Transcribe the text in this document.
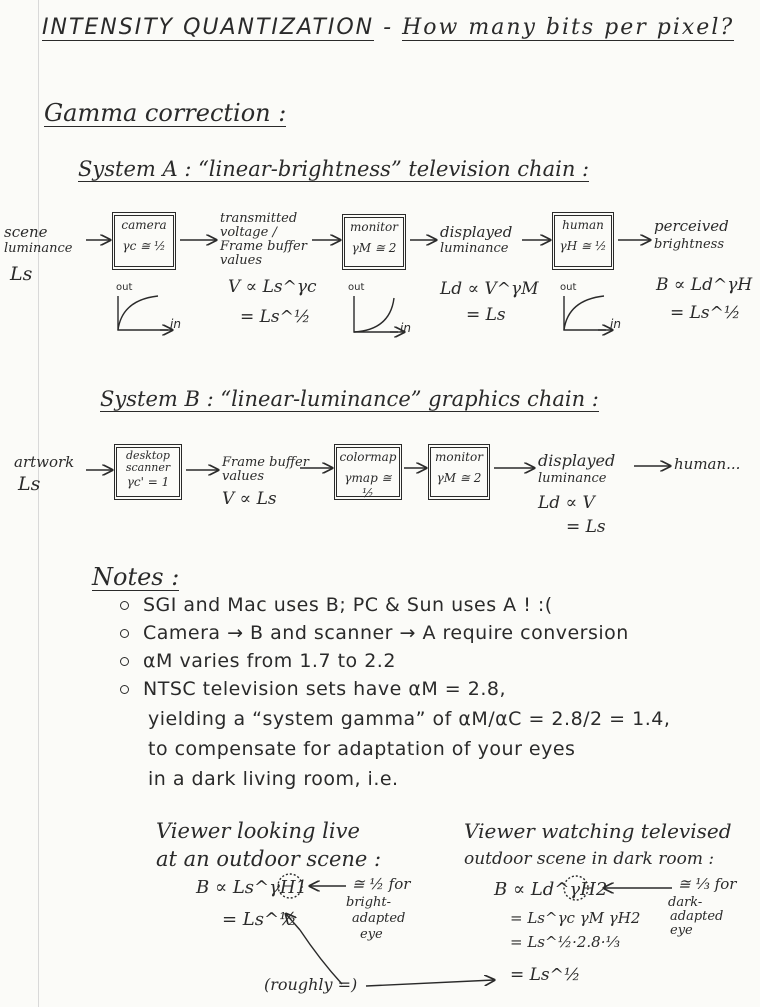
INTENSITY QUANTIZATION - How many bits per pixel?
Gamma correction :
System A : “linear-brightness” television chain :
scene
luminance
Ls
camera
γc ≅ ½
transmitted
voltage /
Frame buffer
values
V ∝ Ls^γc
= Ls^½
monitor
γM ≅ 2
displayed
luminance
Ld ∝ V^γM
= Ls
human
γH ≅ ½
perceived
brightness
B ∝ Ld^γH
= Ls^½
out
in
out
in
out
in
System B : “linear-luminance” graphics chain :
artwork
Ls
desktop scanner
γc' = 1
Frame buffer
values
V ∝ Ls
colormap
γmap ≅ ½
monitor
γM ≅ 2
displayed
luminance
Ld ∝ V
= Ls
human...
Notes :
SGI and Mac uses B; PC & Sun uses A ! :(
Camera → B and scanner → A require conversion
αM varies from 1.7 to 2.2
NTSC television sets have αM = 2.8,
yielding a “system gamma” of αM/αC = 2.8/2 = 1.4,
to compensate for adaptation of your eyes
in a dark living room, i.e.
Viewer looking live
at an outdoor scene :
B ∝ Ls^γH1
= Ls^½
≅ ½ for
bright-
adapted
eye
Viewer watching televised
outdoor scene in dark room :
B ∝ Ld^γH2
= Ls^γc γM γH2
= Ls^½·2.8·⅓
= Ls^½
≅ ⅓ for
dark-
adapted
eye
(roughly =)
